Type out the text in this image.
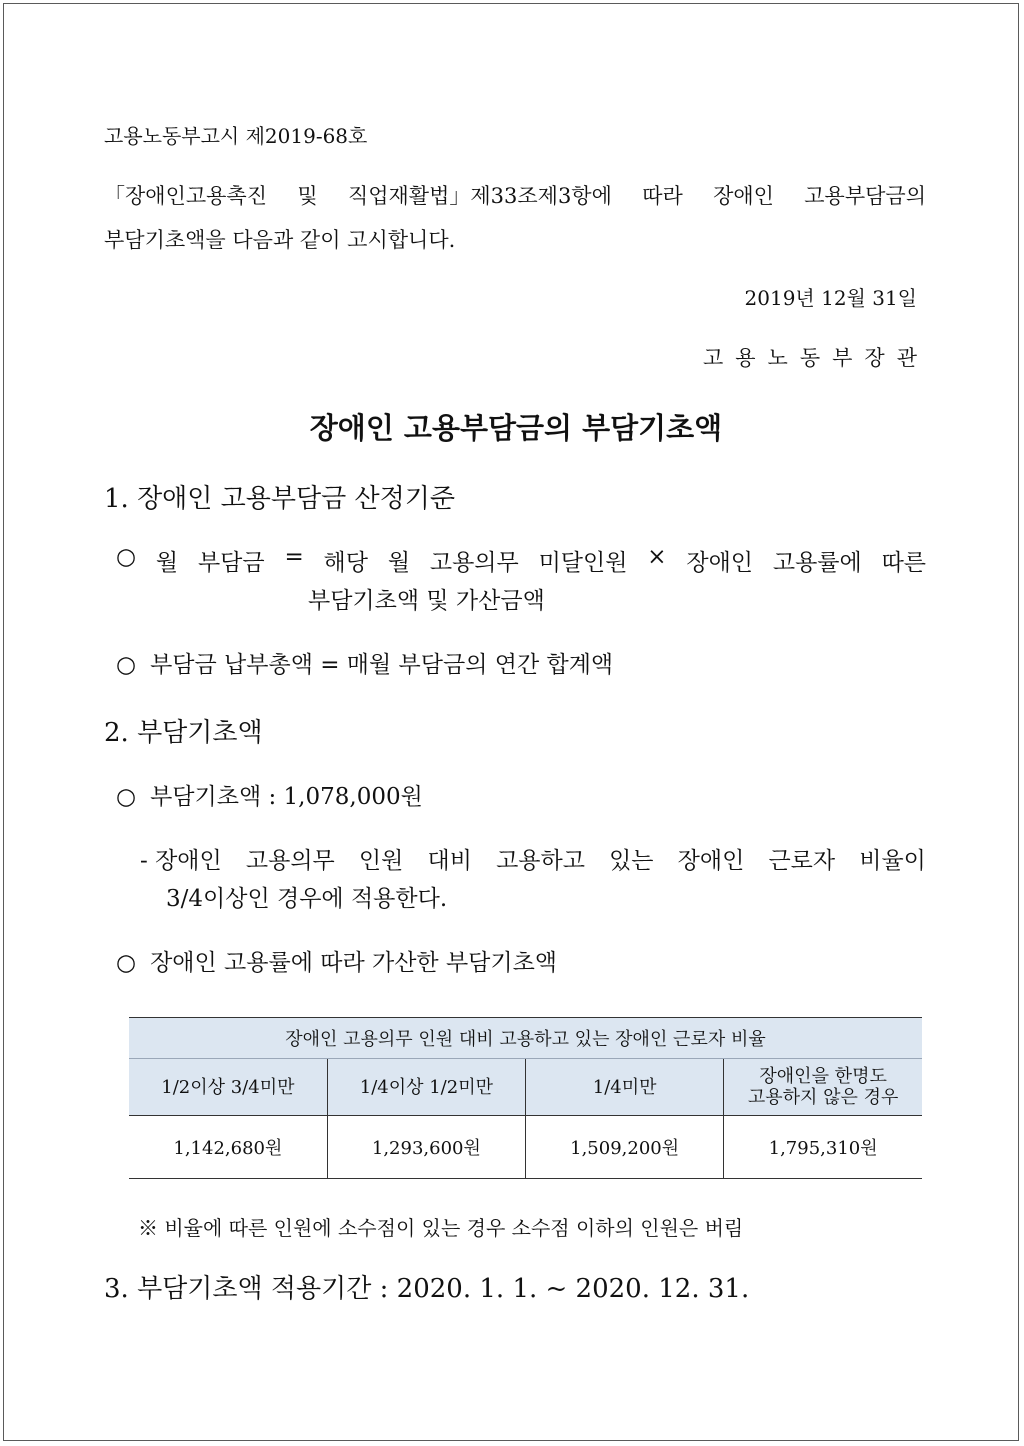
고용노동부고시 제2019-68호
「장애인고용촉진 및 직업재활법」제33조제3항에 따라 장애인 고용부담금의
부담기초액을 다음과 같이 고시합니다.
2019년 12월 31일
고용노동부장관
장애인 고용부담금의 부담기초액
1. 장애인 고용부담금 산정기준
○ 월 부담금 = 해당 월 고용의무 미달인원 × 장애인 고용률에 따른
부담기초액 및 가산금액
○ 부담금 납부총액 = 매월 부담금의 연간 합계액
2. 부담기초액
○ 부담기초액 : 1,078,000원
- 장애인 고용의무 인원 대비 고용하고 있는 장애인 근로자 비율이
3/4이상인 경우에 적용한다.
○ 장애인 고용률에 따라 가산한 부담기초액
장애인 고용의무 인원 대비 고용하고 있는 장애인 근로자 비율			
1/2이상 3/4미만	1/4이상 1/2미만	1/4미만	장애인을 한명도
고용하지 않은 경우

1,142,680원	1,293,600원	1,509,200원	1,795,310원
※ 비율에 따른 인원에 소수점이 있는 경우 소수점 이하의 인원은 버림
3. 부담기초액 적용기간 : 2020. 1. 1. ~ 2020. 12. 31.
